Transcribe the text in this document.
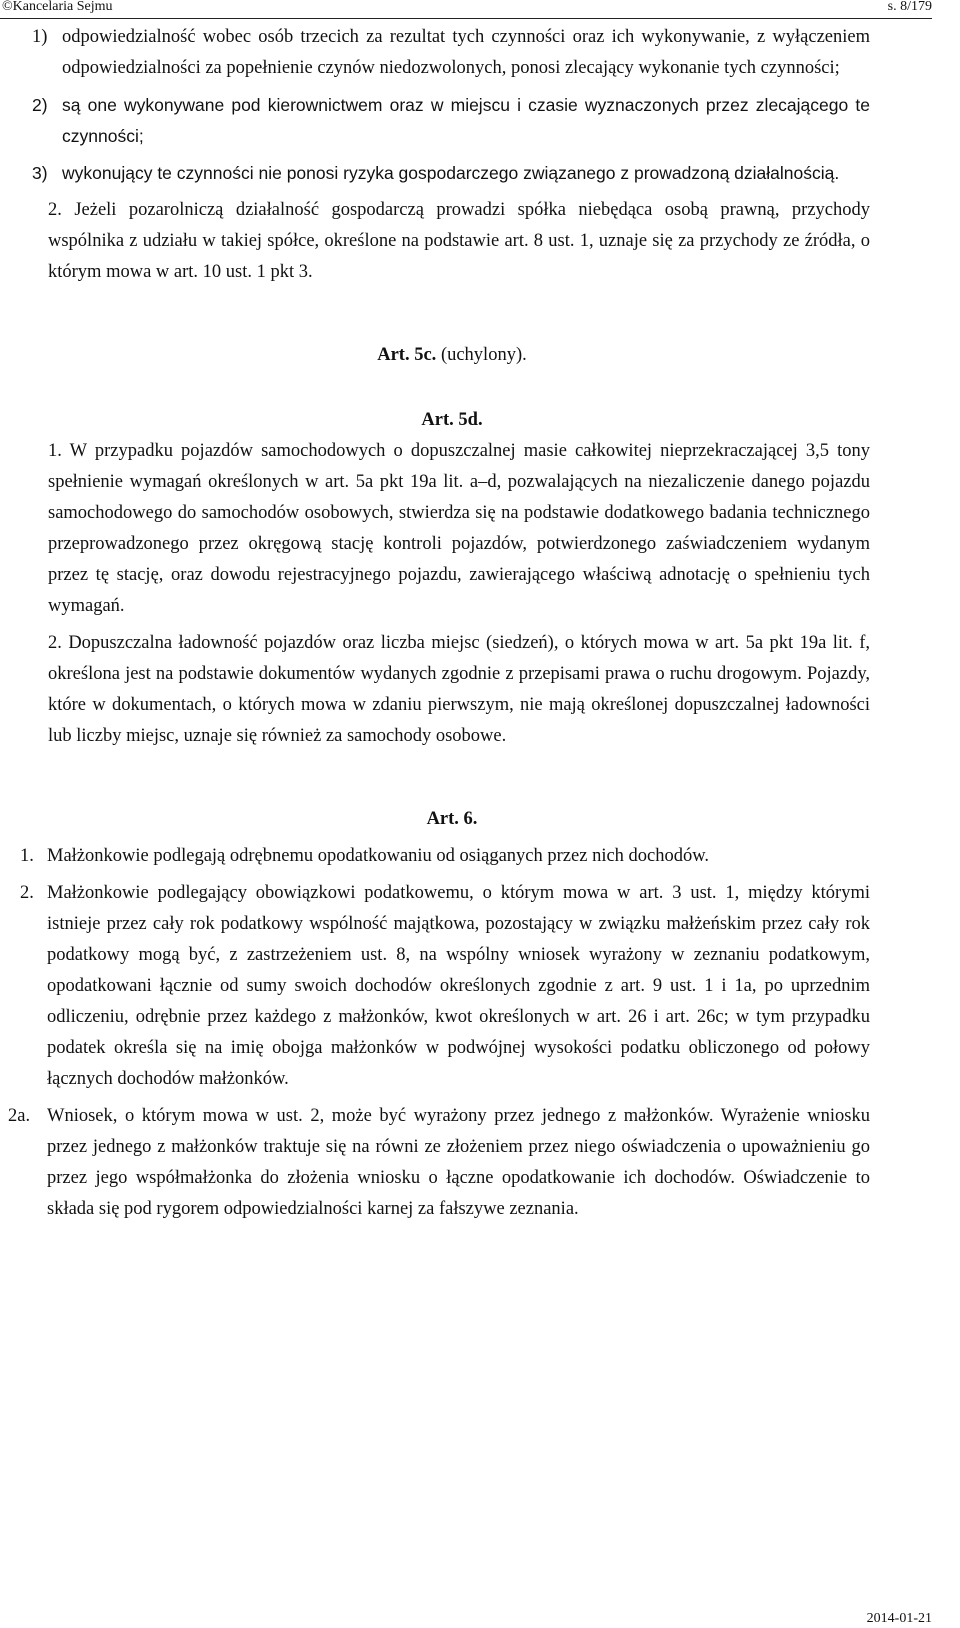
©Kancelaria Sejmu	s. 8/179
1) odpowiedzialność wobec osób trzecich za rezultat tych czynności oraz ich wykonywanie, z wyłączeniem odpowiedzialności za popełnienie czynów niedozwolonych, ponosi zlecający wykonanie tych czynności;
2) są one wykonywane pod kierownictwem oraz w miejscu i czasie wyznaczonych przez zlecającego te czynności;
3) wykonujący te czynności nie ponosi ryzyka gospodarczego związanego z prowadzoną działalnością.
2. Jeżeli pozarolniczą działalność gospodarczą prowadzi spółka niebędąca osobą prawną, przychody wspólnika z udziału w takiej spółce, określone na podstawie art. 8 ust. 1, uznaje się za przychody ze źródła, o którym mowa w art. 10 ust. 1 pkt 3.
Art. 5c. (uchylony).
Art. 5d.
1. W przypadku pojazdów samochodowych o dopuszczalnej masie całkowitej nieprzekraczającej 3,5 tony spełnienie wymagań określonych w art. 5a pkt 19a lit. a–d, pozwalających na niezaliczenie danego pojazdu samochodowego do samochodów osobowych, stwierdza się na podstawie dodatkowego badania technicznego przeprowadzonego przez okręgową stację kontroli pojazdów, potwierdzonego zaświadczeniem wydanym przez tę stację, oraz dowodu rejestracyjnego pojazdu, zawierającego właściwą adnotację o spełnieniu tych wymagań.
2. Dopuszczalna ładowność pojazdów oraz liczba miejsc (siedzeń), o których mowa w art. 5a pkt 19a lit. f, określona jest na podstawie dokumentów wydanych zgodnie z przepisami prawa o ruchu drogowym. Pojazdy, które w dokumentach, o których mowa w zdaniu pierwszym, nie mają określonej dopuszczalnej ładowności lub liczby miejsc, uznaje się również za samochody osobowe.
Art. 6.
1. Małżonkowie podlegają odrębnemu opodatkowaniu od osiąganych przez nich dochodów.
2. Małżonkowie podlegający obowiązkowi podatkowemu, o którym mowa w art. 3 ust. 1, między którymi istnieje przez cały rok podatkowy wspólność majątkowa, pozostający w związku małżeńskim przez cały rok podatkowy mogą być, z zastrzeżeniem ust. 8, na wspólny wniosek wyrażony w zeznaniu podatkowym, opodatkowani łącznie od sumy swoich dochodów określonych zgodnie z art. 9 ust. 1 i 1a, po uprzednim odliczeniu, odrębnie przez każdego z małżonków, kwot określonych w art. 26 i art. 26c; w tym przypadku podatek określa się na imię obojga małżonków w podwójnej wysokości podatku obliczonego od połowy łącznych dochodów małżonków.
2a. Wniosek, o którym mowa w ust. 2, może być wyrażony przez jednego z małżonków. Wyrażenie wniosku przez jednego z małżonków traktuje się na równi ze złożeniem przez niego oświadczenia o upoważnieniu go przez jego współmałżonka do złożenia wniosku o łączne opodatkowanie ich dochodów. Oświadczenie to składa się pod rygorem odpowiedzialności karnej za fałszywe zeznania.
2014-01-21
